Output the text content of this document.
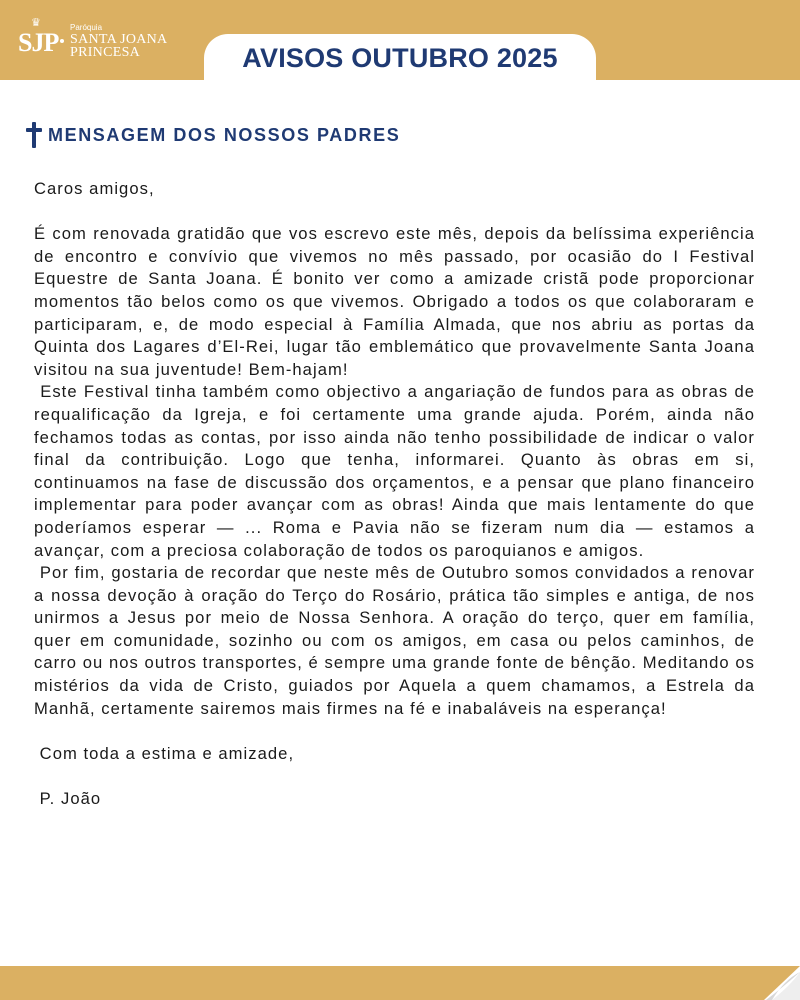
♛
SJP
Paróquia
SANTA JOANA
PRINCESA	AVISOS OUTUBRO 2025
MENSAGEM DOS NOSSOS PADRES

Caros amigos,

É com renovada gratidão que vos escrevo este mês, depois da belíssima experiência de encontro e convívio que vivemos no mês passado, por ocasião do I Festival Equestre de Santa Joana. É bonito ver como a amizade cristã pode proporcionar momentos tão belos como os que vivemos. Obrigado a todos os que colaboraram e participaram, e, de modo especial à Família Almada, que nos abriu as portas da Quinta dos Lagares d’El-Rei, lugar tão emblemático que provavelmente Santa Joana visitou na sua juventude! Bem-hajam!

Este Festival tinha também como objectivo a angariação de fundos para as obras de requalificação da Igreja, e foi certamente uma grande ajuda. Porém, ainda não fechamos todas as contas, por isso ainda não tenho possibilidade de indicar o valor final da contribuição. Logo que tenha, informarei. Quanto às obras em si, continuamos na fase de discussão dos orçamentos, e a pensar que plano financeiro implementar para poder avançar com as obras! Ainda que mais lentamente do que poderíamos esperar — ... Roma e Pavia não se fizeram num dia — estamos a avançar, com a preciosa colaboração de todos os paroquianos e amigos.

Por fim, gostaria de recordar que neste mês de Outubro somos convidados a renovar a nossa devoção à oração do Terço do Rosário, prática tão simples e antiga, de nos unirmos a Jesus por meio de Nossa Senhora. A oração do terço, quer em família, quer em comunidade, sozinho ou com os amigos, em casa ou pelos caminhos, de carro ou nos outros transportes, é sempre uma grande fonte de bênção. Meditando os mistérios da vida de Cristo, guiados por Aquela a quem chamamos, a Estrela da Manhã, certamente sairemos mais firmes na fé e inabaláveis na esperança!

Com toda a estima e amizade,

P. João
